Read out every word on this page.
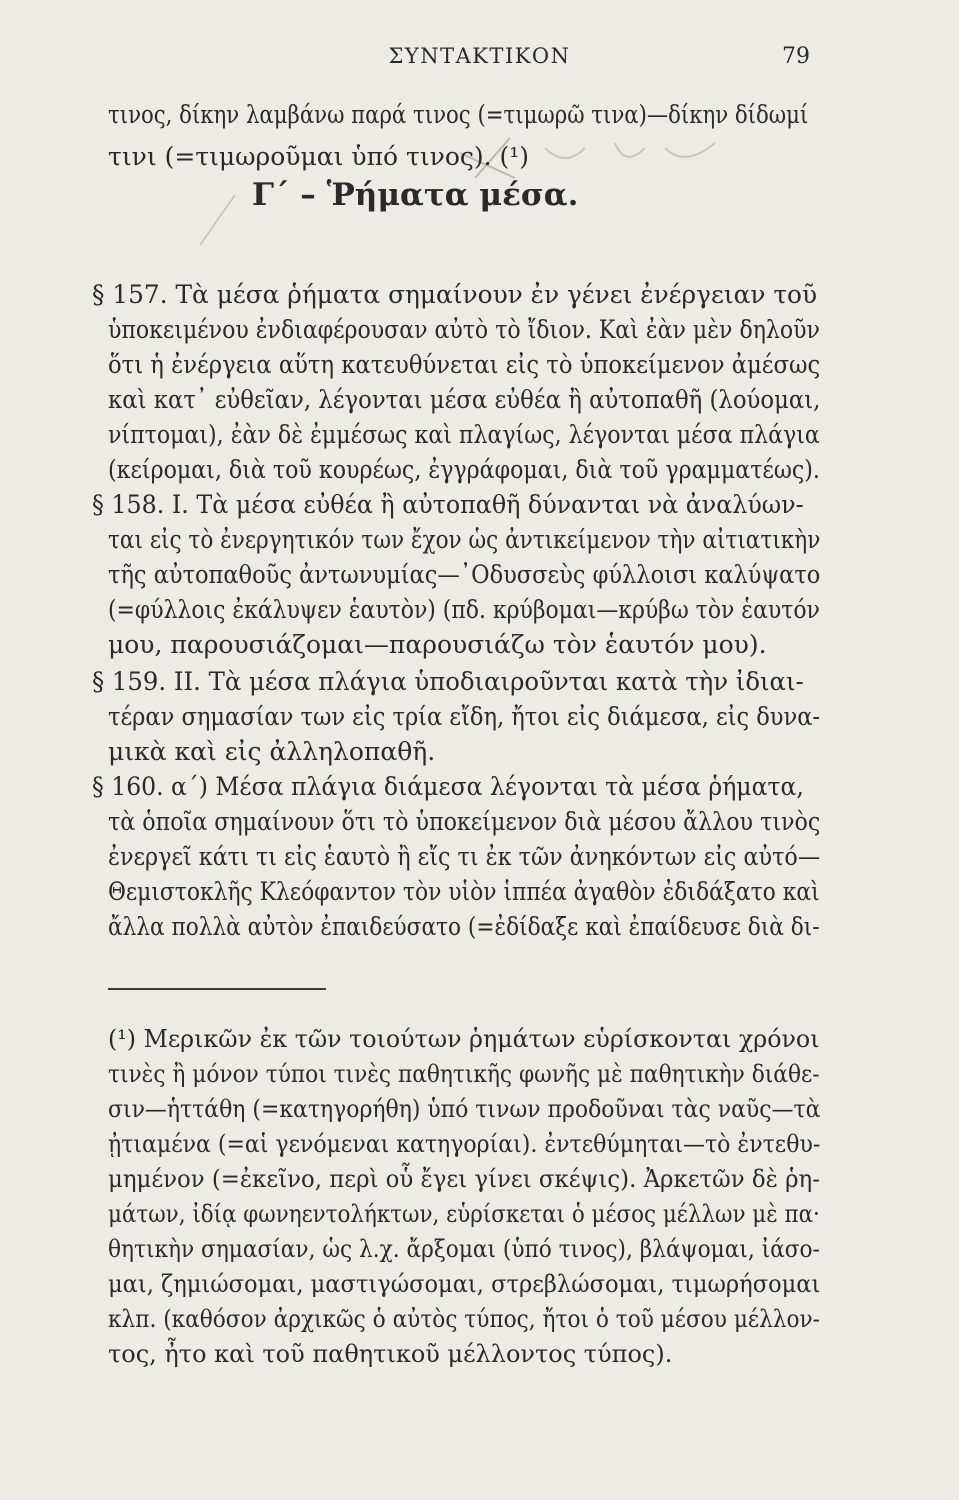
ΣΥΝΤΑΚΤΙΚΟΝ	79
Γ΄ – Ῥήματα μέσα.
τινος, δίκην λαμβάνω παρά τινος (=τιμωρῶ τινα)—δίκην δίδωμί
τινι (=τιμωροῦμαι ὑπό τινος). (¹)
§ 157. Τὰ μέσα ῥήματα σημαίνουν ἐν γένει ἐνέργειαν τοῦ
ὑποκειμένου ἐνδιαφέρουσαν αὐτὸ τὸ ἴδιον. Καὶ ἐὰν μὲν δηλοῦν
ὅτι ἡ ἐνέργεια αὕτη κατευθύνεται εἰς τὸ ὑποκείμενον ἀμέσως
καὶ κατ᾽ εὐθεῖαν, λέγονται μέσα εὐθέα ἢ αὐτοπαθῆ (λούομαι,
νίπτομαι), ἐὰν δὲ ἐμμέσως καὶ πλαγίως, λέγονται μέσα πλάγια
(κείρομαι, διὰ τοῦ κουρέως, ἐγγράφομαι, διὰ τοῦ γραμματέως).
§ 158. Ι. Τὰ μέσα εὐθέα ἢ αὐτοπαθῆ δύνανται νὰ ἀναλύων-
ται εἰς τὸ ἐνεργητικόν των ἔχον ὡς ἀντικείμενον τὴν αἰτιατικὴν
τῆς αὐτοπαθοῦς ἀντωνυμίας—᾽Οδυσσεὺς φύλλοισι καλύψατο
(=φύλλοις ἐκάλυψεν ἑαυτὸν) (πδ. κρύβομαι—κρύβω τὸν ἑαυτόν
μου, παρουσιάζομαι—παρουσιάζω τὸν ἑαυτόν μου).
§ 159. ΙΙ. Τὰ μέσα πλάγια ὑποδιαιροῦνται κατὰ τὴν ἰδιαι-
τέραν σημασίαν των εἰς τρία εἴδη, ἤτοι εἰς διάμεσα, εἰς δυνα-
μικὰ καὶ εἰς ἀλληλοπαθῆ.
§ 160. α΄) Μέσα πλάγια διάμεσα λέγονται τὰ μέσα ῥήματα,
τὰ ὁποῖα σημαίνουν ὅτι τὸ ὑποκείμενον διὰ μέσου ἄλλου τινὸς
ἐνεργεῖ κάτι τι εἰς ἑαυτὸ ἢ εἴς τι ἐκ τῶν ἀνηκόντων εἰς αὐτό—
Θεμιστοκλῆς Κλεόφαντον τὸν υἱὸν ἱππέα ἀγαθὸν ἐδιδάξατο καὶ
ἄλλα πολλὰ αὐτὸν ἐπαιδεύσατο (=ἐδίδαξε καὶ ἐπαίδευσε διὰ δι-
(¹) Μερικῶν ἐκ τῶν τοιούτων ῥημάτων εὑρίσκονται χρόνοι
τινὲς ἢ μόνον τύποι τινὲς παθητικῆς φωνῆς μὲ παθητικὴν διάθε-
σιν—ἡττάθη (=κατηγορήθη) ὑπό τινων προδοῦναι τὰς ναῦς—τὰ
ᾐτιαμένα (=αἱ γενόμεναι κατηγορίαι). ἐντεθύμηται—τὸ ἐντεθυ-
μημένον (=ἐκεῖνο, περὶ οὗ ἔγει γίνει σκέψις). Ἀρκετῶν δὲ ῥη-
μάτων, ἰδίᾳ φωνηεντολήκτων, εὑρίσκεται ὁ μέσος μέλλων μὲ πα·
θητικὴν σημασίαν, ὡς λ.χ. ἄρξομαι (ὑπό τινος), βλάψομαι, ἰάσο-
μαι, ζημιώσομαι, μαστιγώσομαι, στρεβλώσομαι, τιμωρήσομαι
κλπ. (καθόσον ἀρχικῶς ὁ αὐτὸς τύπος, ἤτοι ὁ τοῦ μέσου μέλλον-
τος, ἦτο καὶ τοῦ παθητικοῦ μέλλοντος τύπος).
